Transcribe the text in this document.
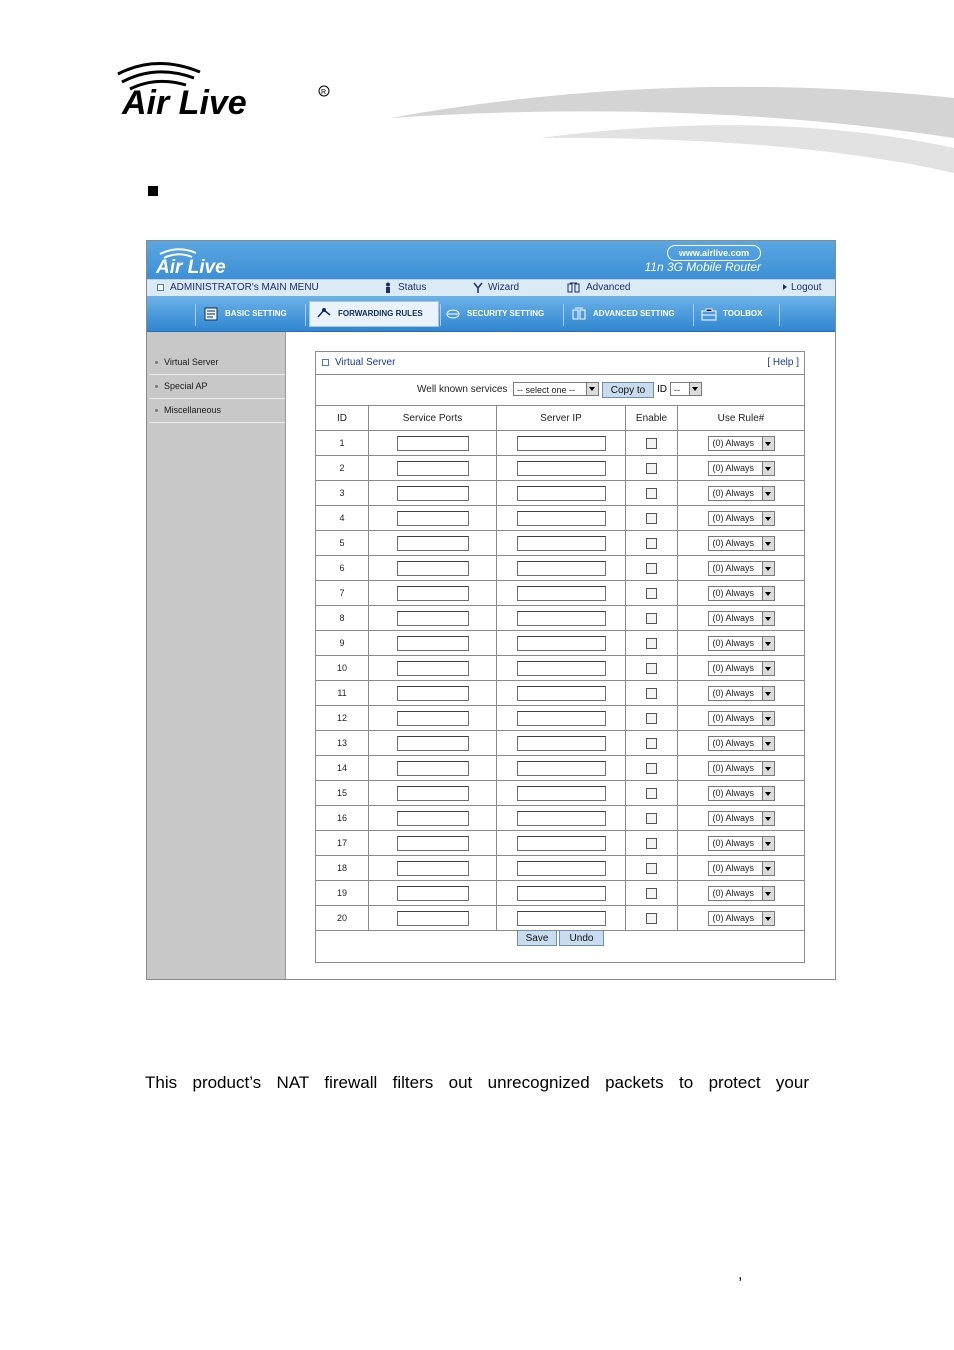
Air Live	R
Air Live
www.airlive.com
11n 3G Mobile Router
ADMINISTRATOR's MAIN MENU	Status	Wizard	Advanced	Logout
BASIC SETTING	FORWARDING RULES	SECURITY SETTING	ADVANCED SETTING	TOOLBOX
Virtual Server
Special AP
Miscellaneous
Virtual Server	[ Help ]
Well known services	-- select one --	Copy to	ID --
ID	Service Ports	Server IP	Enable	Use Rule#
1				(0) Always

2				(0) Always

3				(0) Always

4				(0) Always

5				(0) Always

6				(0) Always

7				(0) Always

8				(0) Always

9				(0) Always

10				(0) Always

11				(0) Always

12				(0) Always

13				(0) Always

14				(0) Always

15				(0) Always

16				(0) Always

17				(0) Always

18				(0) Always

19				(0) Always

20				(0) Always
Save	Undo
This product’s NAT firewall filters out unrecognized packets to protect your
,
